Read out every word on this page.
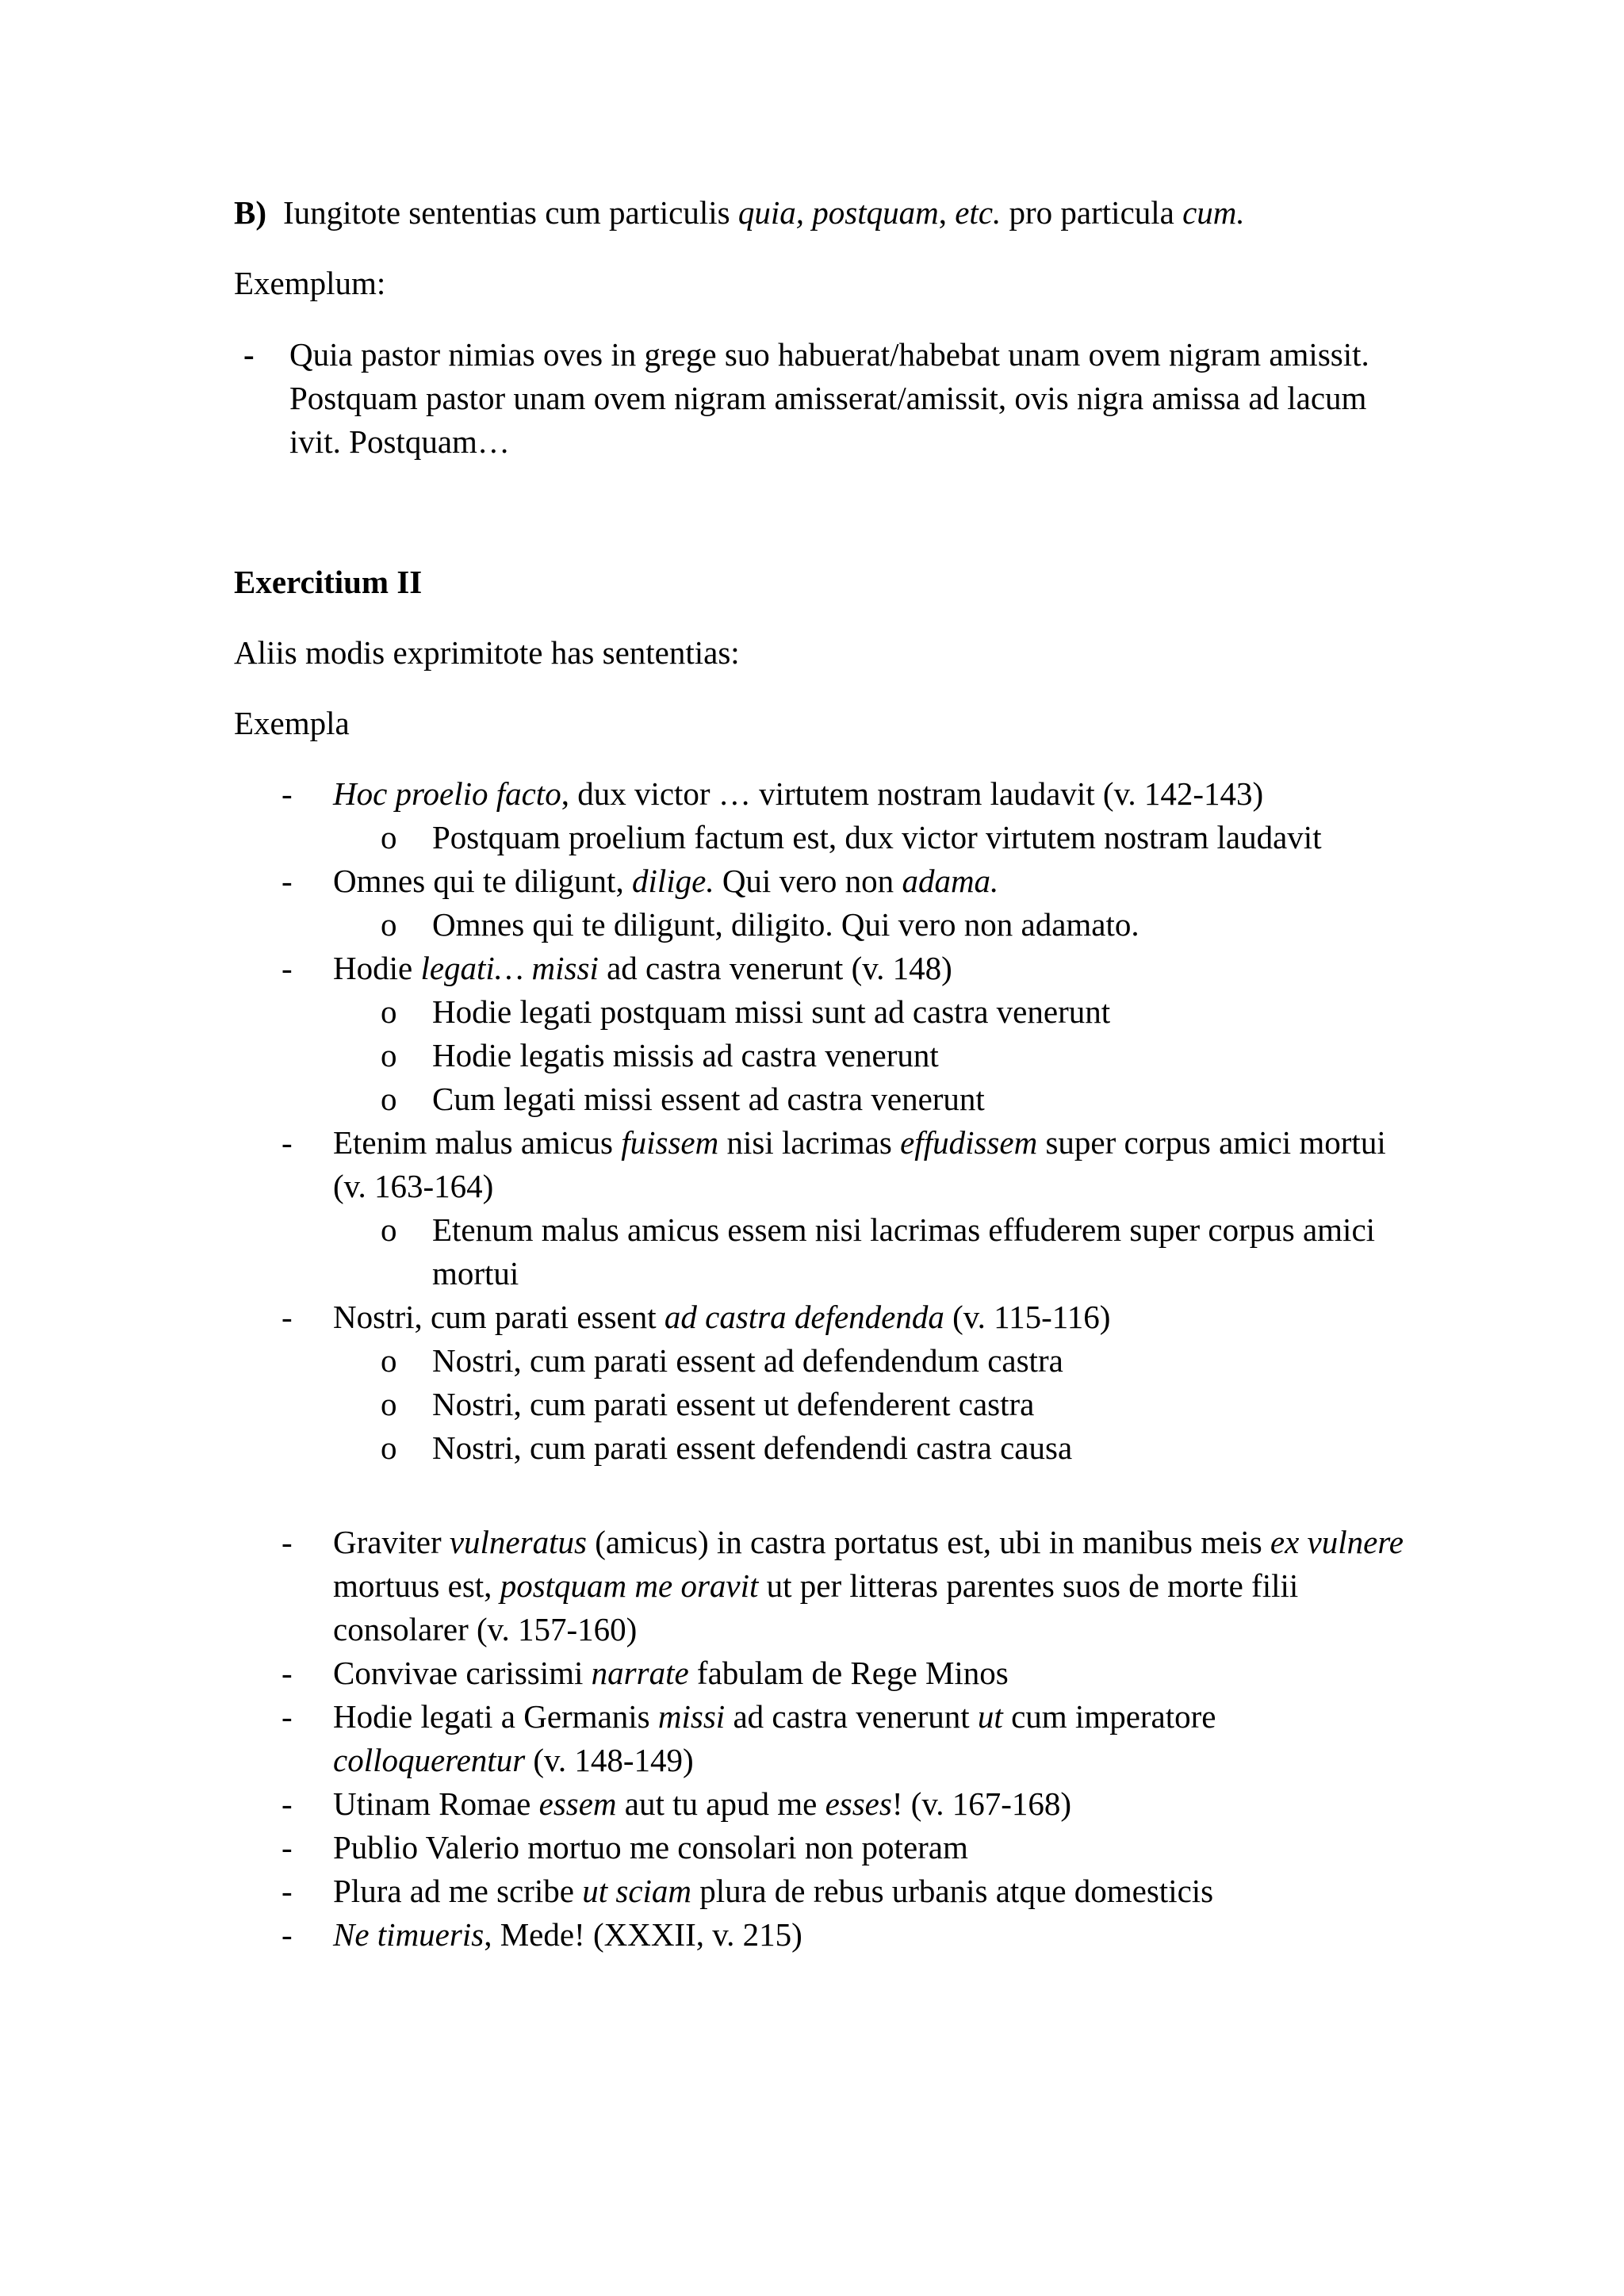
B) Iungitote sententias cum particulis quia, postquam, etc. pro particula cum.

Exemplum:

- Quia pastor nimias oves in grege suo habuerat/habebat unam ovem nigram amissit. Postquam pastor unam ovem nigram amisserat/amissit, ovis nigra amissa ad lacum ivit. Postquam…

Exercitium II

Aliis modis exprimitote has sententias:

Exempla

- Hoc proelio facto, dux victor … virtutem nostram laudavit (v. 142-143)
o Postquam proelium factum est, dux victor virtutem nostram laudavit
- Omnes qui te diligunt, dilige. Qui vero non adama.
o Omnes qui te diligunt, diligito. Qui vero non adamato.
- Hodie legati… missi ad castra venerunt (v. 148)
o Hodie legati postquam missi sunt ad castra venerunt
o Hodie legatis missis ad castra venerunt
o Cum legati missi essent ad castra venerunt
- Etenim malus amicus fuissem nisi lacrimas effudissem super corpus amici mortui (v. 163-164)
o Etenum malus amicus essem nisi lacrimas effuderem super corpus amici mortui
- Nostri, cum parati essent ad castra defendenda (v. 115-116)
o Nostri, cum parati essent ad defendendum castra
o Nostri, cum parati essent ut defenderent castra
o Nostri, cum parati essent defendendi castra causa
- Graviter vulneratus (amicus) in castra portatus est, ubi in manibus meis ex vulnere mortuus est, postquam me oravit ut per litteras parentes suos de morte filii consolarer (v. 157-160)
- Convivae carissimi narrate fabulam de Rege Minos
- Hodie legati a Germanis missi ad castra venerunt ut cum imperatore colloquerentur (v. 148-149)
- Utinam Romae essem aut tu apud me esses! (v. 167-168)
- Publio Valerio mortuo me consolari non poteram
- Plura ad me scribe ut sciam plura de rebus urbanis atque domesticis
- Ne timueris, Mede! (XXXII, v. 215)
